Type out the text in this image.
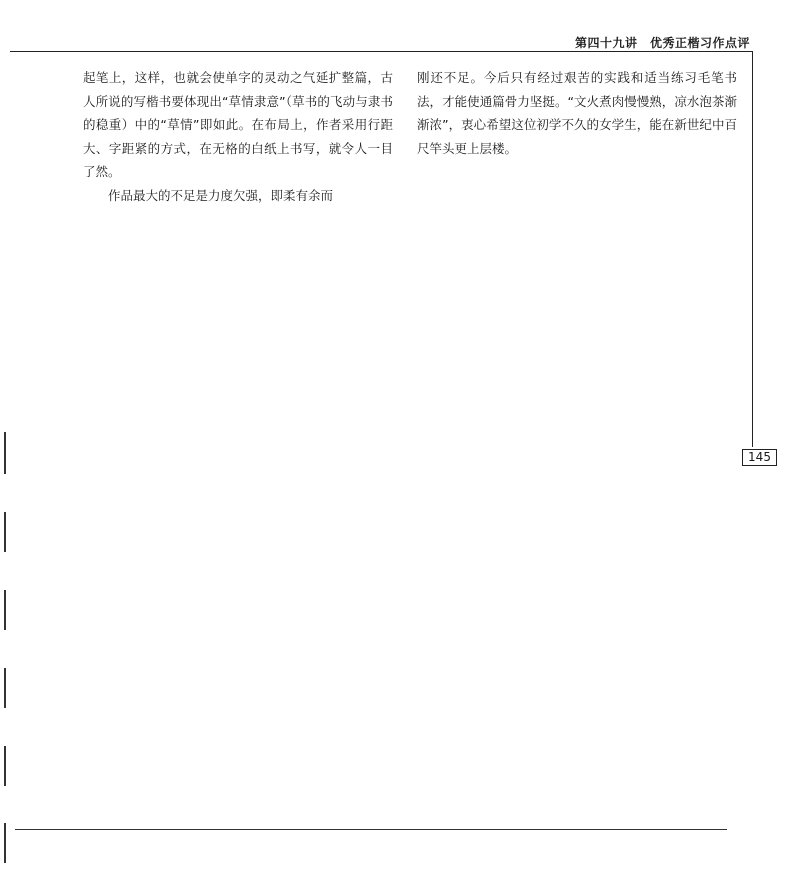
第四十九讲　优秀正楷习作点评
145

起笔上，这样，也就会使单字的灵动之气延扩整篇，古人所说的写楷书要体现出“草情隶意”（草书的飞动与隶书的稳重）中的“草情”即如此。在布局上，作者采用行距大、字距紧的方式，在无格的白纸上书写，就令人一目了然。

作品最大的不足是力度欠强，即柔有余而

刚还不足。今后只有经过艰苦的实践和适当练习毛笔书法，才能使通篇骨力坚挺。“文火煮肉慢慢熟，凉水泡茶渐渐浓”，衷心希望这位初学不久的女学生，能在新世纪中百尺竿头更上层楼。
